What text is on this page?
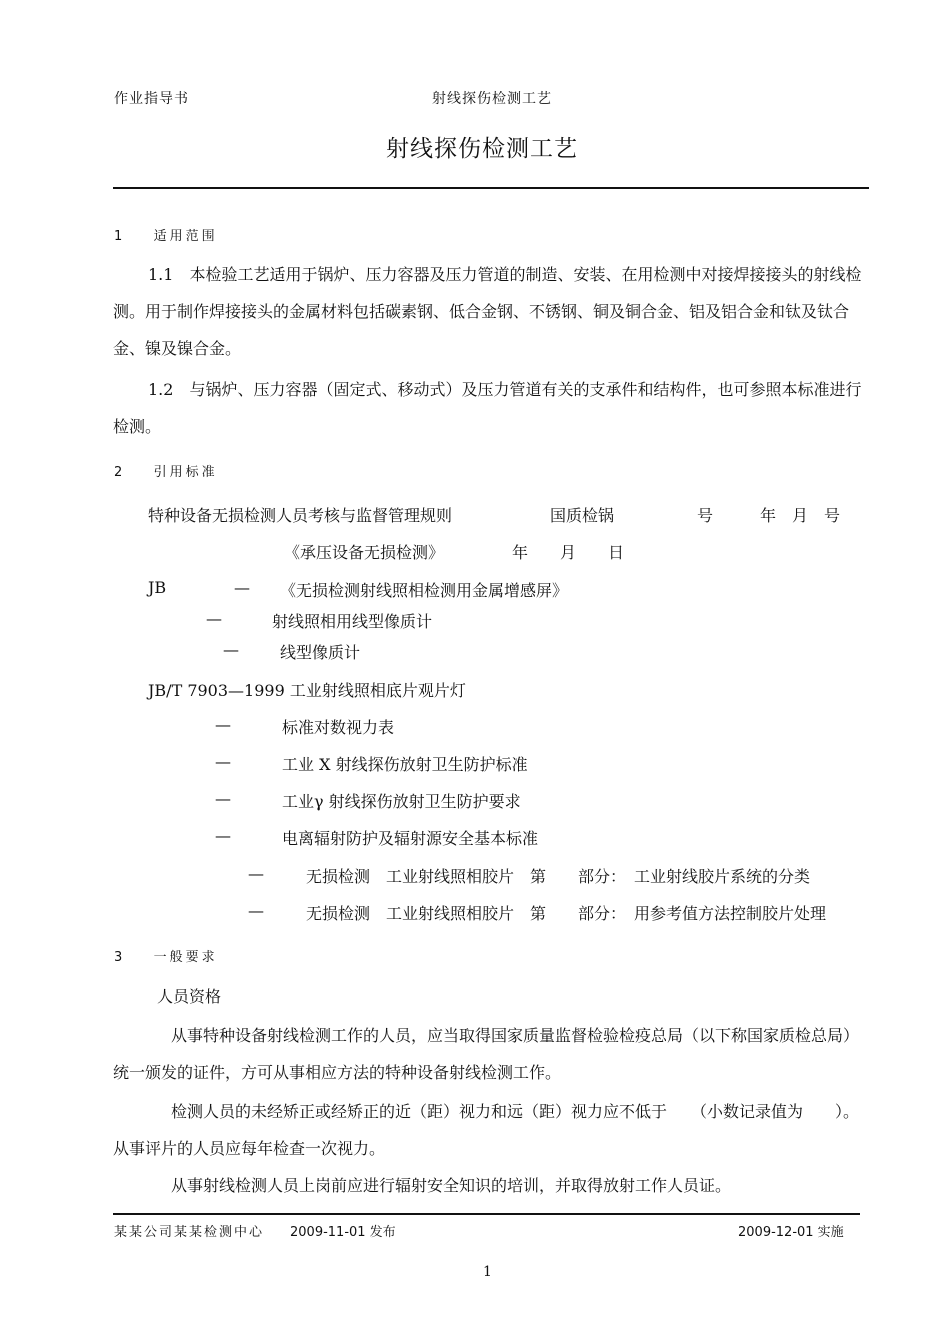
作业指导书	射线探伤检测工艺
射线探伤检测工艺
1 适用范围
1.1　本检验工艺适用于锅炉、压力容器及压力管道的制造、安装、在用检测中对接焊接接头的射线检测。用于制作焊接接头的金属材料包括碳素钢、低合金钢、不锈钢、铜及铜合金、铝及铝合金和钛及钛合金、镍及镍合金。
1.2　与锅炉、压力容器（固定式、移动式）及压力管道有关的支承件和结构件，也可参照本标准进行检测。
2 引用标准
特种设备无损检测人员考核与监督管理规则	国质检锅	号	年　月　号
《承压设备无损检测》	年　　月　　日
JB	— 《无损检测射线照相检测用金属增感屏》
—	射线照相用线型像质计
—	线型像质计
JB/T 7903—1999 工业射线照相底片观片灯
—	标准对数视力表
—	工业 X 射线探伤放射卫生防护标准
—	工业γ 射线探伤放射卫生防护要求
—	电离辐射防护及辐射源安全基本标准
—	无损检测　工业射线照相胶片　第　　部分：　工业射线胶片系统的分类
—	无损检测　工业射线照相胶片　第　　部分：　用参考值方法控制胶片处理
3 一般要求
人员资格
从事特种设备射线检测工作的人员，应当取得国家质量监督检验检疫总局（以下称国家质检总局）统一颁发的证件，方可从事相应方法的特种设备射线检测工作。
检测人员的未经矫正或经矫正的近（距）视力和远（距）视力应不低于　　（小数记录值为　　）。从事评片的人员应每年检查一次视力。
从事射线检测人员上岗前应进行辐射安全知识的培训，并取得放射工作人员证。
某某公司某某检测中心 2009-11-01 发布	2009-12-01 实施
1
